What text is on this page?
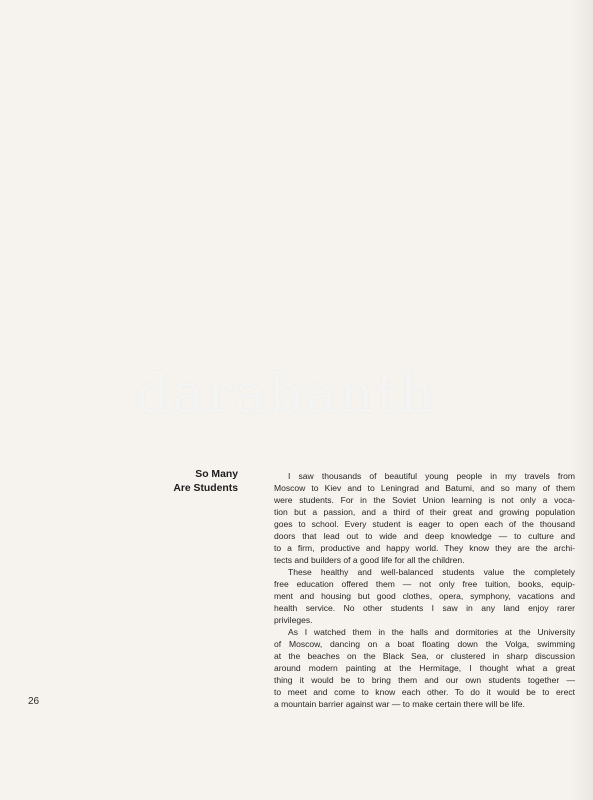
darabanth
So Many
Are Students

I saw thousands of beautiful young people in my travels from
Moscow to Kiev and to Leningrad and Batumi, and so many of them
were students. For in the Soviet Union learning is not only a voca-
tion but a passion, and a third of their great and growing population
goes to school. Every student is eager to open each of the thousand
doors that lead out to wide and deep knowledge — to culture and
to a firm, productive and happy world. They know they are the archi-
tects and builders of a good life for all the children.

These healthy and well-balanced students value the completely
free education offered them — not only free tuition, books, equip-
ment and housing but good clothes, opera, symphony, vacations and
health service. No other students I saw in any land enjoy rarer
privileges.

As I watched them in the halls and dormitories at the University
of Moscow, dancing on a boat floating down the Volga, swimming
at the beaches on the Black Sea, or clustered in sharp discussion
around modern painting at the Hermitage, I thought what a great
thing it would be to bring them and our own students together —
to meet and come to know each other. To do it would be to erect
a mountain barrier against war — to make certain there will be life.

26
